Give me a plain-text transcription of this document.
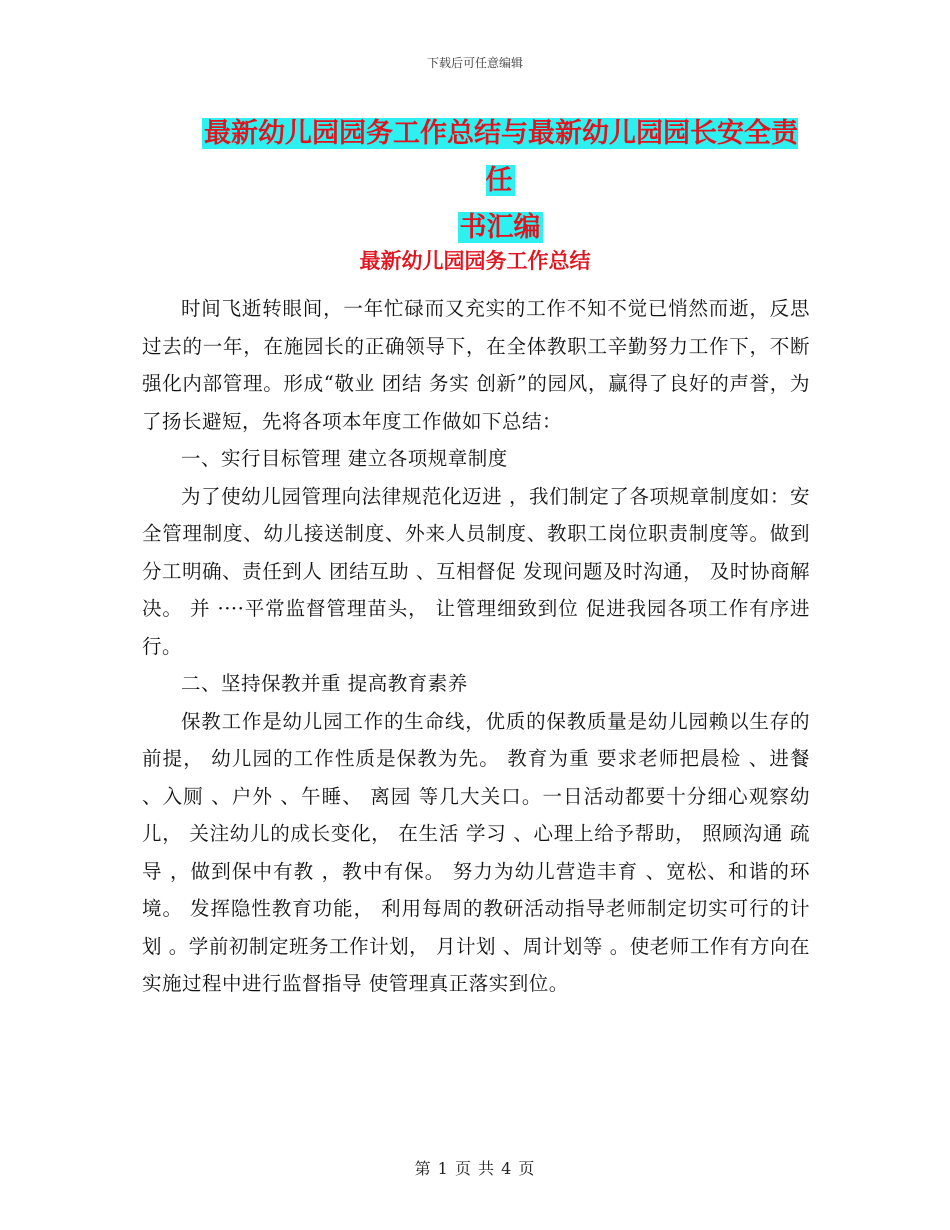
下载后可任意编辑
最新幼儿园园务工作总结与最新幼儿园园长安全责任
书汇编
最新幼儿园园务工作总结

时间飞逝转眼间，一年忙碌而又充实的工作不知不觉已悄然而逝，反思过去的一年，在施园长的正确领导下，在全体教职工辛勤努力工作下，不断强化内部管理。形成“敬业 团结 务实 创新”的园风，赢得了良好的声誉，为了扬长避短，先将各项本年度工作做如下总结：

一、实行目标管理 建立各项规章制度

为了使幼儿园管理向法律规范化迈进 ，我们制定了各项规章制度如：安全管理制度、幼儿接送制度、外来人员制度、教职工岗位职责制度等。做到分工明确、责任到人 团结互助 、互相督促 发现问题及时沟通， 及时协商解决。 并 ····平常监督管理苗头， 让管理细致到位 促进我园各项工作有序进行。

二、坚持保教并重 提高教育素养

保教工作是幼儿园工作的生命线，优质的保教质量是幼儿园赖以生存的前提， 幼儿园的工作性质是保教为先。 教育为重 要求老师把晨检 、进餐 、入厕 、户外 、午睡、 离园 等几大关口。一日活动都要十分细心观察幼儿， 关注幼儿的成长变化， 在生活 学习 、心理上给予帮助， 照顾沟通 疏导 ，做到保中有教 ，教中有保。 努力为幼儿营造丰育 、宽松、和谐的环境。 发挥隐性教育功能， 利用每周的教研活动指导老师制定切实可行的计划 。学前初制定班务工作计划， 月计划 、周计划等 。使老师工作有方向在实施过程中进行监督指导 使管理真正落实到位。

第 1 页 共 4 页
